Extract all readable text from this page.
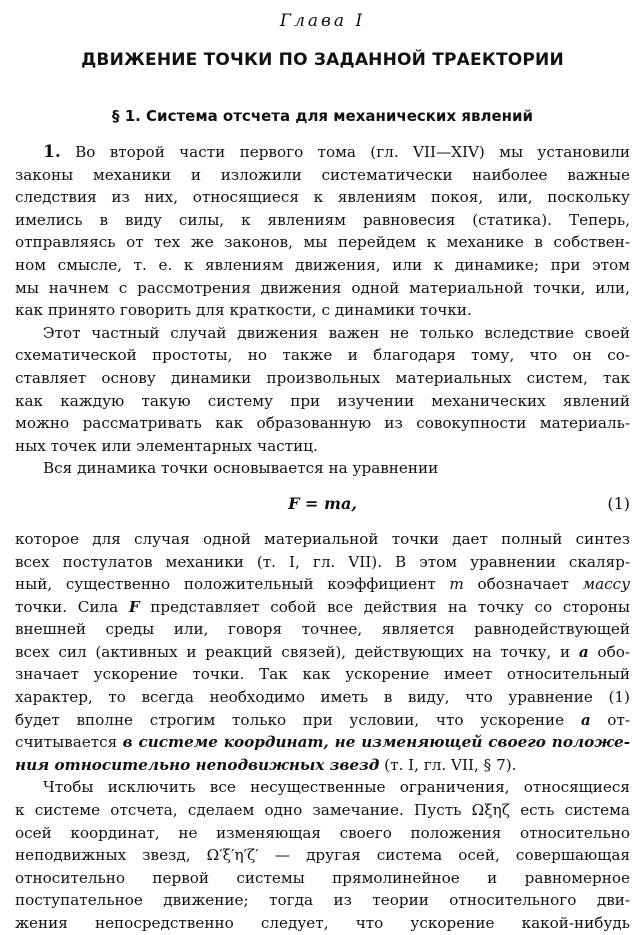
Глава I
ДВИЖЕНИЕ ТОЧКИ ПО ЗАДАННОЙ ТРАЕКТОРИИ
§ 1. Система отсчета для механических явлений
1. Во второй части первого тома (гл. VII—XIV) мы установили
законы механики и изложили систематически наиболее важные
следствия из них, относящиеся к явлениям покоя, или, поскольку
имелись в виду силы, к явлениям равновесия (статика). Теперь,
отправляясь от тех же законов, мы перейдем к механике в собствен-
ном смысле, т. е. к явлениям движения, или к динамике; при этом
мы начнем с рассмотрения движения одной материальной точки, или,
как принято говорить для краткости, с динамики точки.
Этот частный случай движения важен не только вследствие своей
схематической простоты, но также и благодаря тому, что он со-
ставляет основу динамики произвольных материальных систем, так
как каждую такую систему при изучении механических явлений
можно рассматривать как образованную из совокупности материаль-
ных точек или элементарных частиц.
Вся динамика точки основывается на уравнении
F = ma,	(1)
которое для случая одной материальной точки дает полный синтез
всех постулатов механики (т. I, гл. VII). В этом уравнении скаляр-
ный, существенно положительный коэффициент m обозначает массу
точки. Сила F представляет собой все действия на точку со стороны
внешней среды или, говоря точнее, является равнодействующей
всех сил (активных и реакций связей), действующих на точку, и a обо-
значает ускорение точки. Так как ускорение имеет относительный
характер, то всегда необходимо иметь в виду, что уравнение (1)
будет вполне строгим только при условии, что ускорение a от-
считывается в системе координат, не изменяющей своего положе-
ния относительно неподвижных звезд (т. I, гл. VII, § 7).
Чтобы исключить все несущественные ограничения, относящиеся
к системе отсчета, сделаем одно замечание. Пусть Ωξηζ есть система
осей координат, не изменяющая своего положения относительно
неподвижных звезд, Ω′ξ′η′ζ′ — другая система осей, совершающая
относительно первой системы прямолинейное и равномерное
поступательное движение; тогда из теории относительного дви-
жения непосредственно следует, что ускорение какой-нибудь
